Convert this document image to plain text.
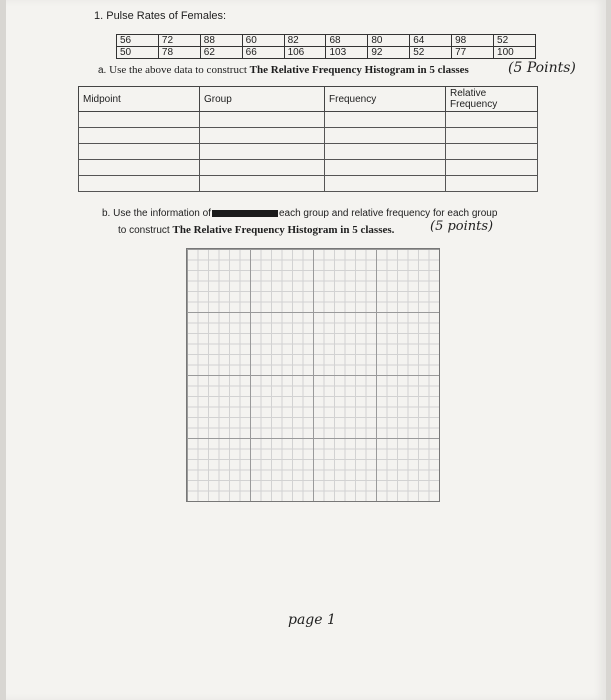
1. Pulse Rates of Females:
56	72	88	60	82	68	80	64	98	52
50	78	62	66	106	103	92	52	77	100
a. Use the above data to construct The Relative Frequency Histogram in 5 classes	(5 Points)
Midpoint	Group	Frequency	Relative Frequency

b. Use the information of	each group and relative frequency for each group
to construct The Relative Frequency Histogram in 5 classes.	(5 points)
page 1
